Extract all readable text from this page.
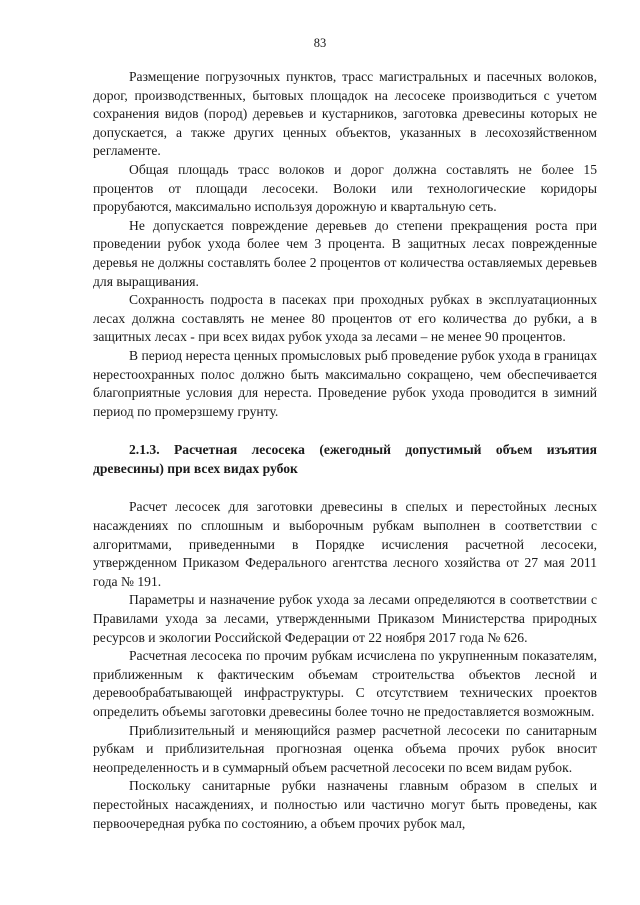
83

Размещение погрузочных пунктов, трасс магистральных и пасечных волоков, дорог, производственных, бытовых площадок на лесосеке производиться с учетом сохранения видов (пород) деревьев и кустарников, заготовка древесины которых не допускается, а также других ценных объектов, указанных в лесохозяйственном регламенте.

Общая площадь трасс волоков и дорог должна составлять не более 15 процентов от площади лесосеки. Волоки или технологические коридоры прорубаются, максимально используя дорожную и квартальную сеть.

Не допускается повреждение деревьев до степени прекращения роста при проведении рубок ухода более чем 3 процента. В защитных лесах поврежденные деревья не должны составлять более 2 процентов от количества оставляемых деревьев для выращивания.

Сохранность подроста в пасеках при проходных рубках в эксплуатационных лесах должна составлять не менее 80 процентов от его количества до рубки, а в защитных лесах - при всех видах рубок ухода за лесами – не менее 90 процентов.

В период нереста ценных промысловых рыб проведение рубок ухода в границах нерестоохранных полос должно быть максимально сокращено, чем обеспечивается благоприятные условия для нереста. Проведение рубок ухода проводится в зимний период по промерзшему грунту.

2.1.3. Расчетная лесосека (ежегодный допустимый объем изъятия древесины) при всех видах рубок

Расчет лесосек для заготовки древесины в спелых и перестойных лесных насаждениях по сплошным и выборочным рубкам выполнен в соответствии с алгоритмами, приведенными в Порядке исчисления расчетной лесосеки, утвержденном Приказом Федерального агентства лесного хозяйства от 27 мая 2011 года № 191.

Параметры и назначение рубок ухода за лесами определяются в соответствии с Правилами ухода за лесами, утвержденными Приказом Министерства природных ресурсов и экологии Российской Федерации от 22 ноября 2017 года № 626.

Расчетная лесосека по прочим рубкам исчислена по укрупненным показателям, приближенным к фактическим объемам строительства объектов лесной и деревообрабатывающей инфраструктуры. С отсутствием технических проектов определить объемы заготовки древесины более точно не предоставляется возможным.

Приблизительный и меняющийся размер расчетной лесосеки по санитарным рубкам и приблизительная прогнозная оценка объема прочих рубок вносит неопределенность и в суммарный объем расчетной лесосеки по всем видам рубок.

Поскольку санитарные рубки назначены главным образом в спелых и перестойных насаждениях, и полностью или частично могут быть проведены, как первоочередная рубка по состоянию, а объем прочих рубок мал,
